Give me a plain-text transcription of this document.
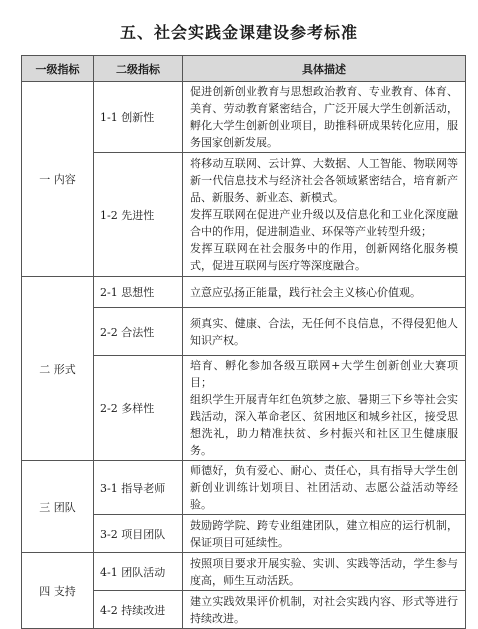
五、社会实践金课建设参考标准
一级指标	二级指标	具体描述
一 内容	1-1 创新性	促进创新创业教育与思想政治教育、专业教育、体育、美育、劳动教育紧密结合，广泛开展大学生创新活动，孵化大学生创新创业项目，助推科研成果转化应用，服务国家创新发展。

	1-2 先进性	将移动互联网、云计算、大数据、人工智能、物联网等新一代信息技术与经济社会各领域紧密结合，培育新产品、新服务、新业态、新模式。
发挥互联网在促进产业升级以及信息化和工业化深度融合中的作用，促进制造业、环保等产业转型升级；
发挥互联网在社会服务中的作用，创新网络化服务模式，促进互联网与医疗等深度融合。

二 形式	2-1 思想性	立意应弘扬正能量，践行社会主义核心价值观。

	2-2 合法性	须真实、健康、合法，无任何不良信息，不得侵犯他人知识产权。

	2-2 多样性	培育、孵化参加各级互联网+大学生创新创业大赛项目；
组织学生开展青年红色筑梦之旅、暑期三下乡等社会实践活动，深入革命老区、贫困地区和城乡社区，接受思想洗礼，助力精准扶贫、乡村振兴和社区卫生健康服务。

三 团队	3-1 指导老师	师德好，负有爱心、耐心、责任心，具有指导大学生创新创业训练计划项目、社团活动、志愿公益活动等经验。

	3-2 项目团队	鼓励跨学院、跨专业组建团队，建立相应的运行机制，保证项目可延续性。

四 支持	4-1 团队活动	按照项目要求开展实验、实训、实践等活动，学生参与度高，师生互动活跃。

	4-2 持续改进	建立实践效果评价机制，对社会实践内容、形式等进行持续改进。
